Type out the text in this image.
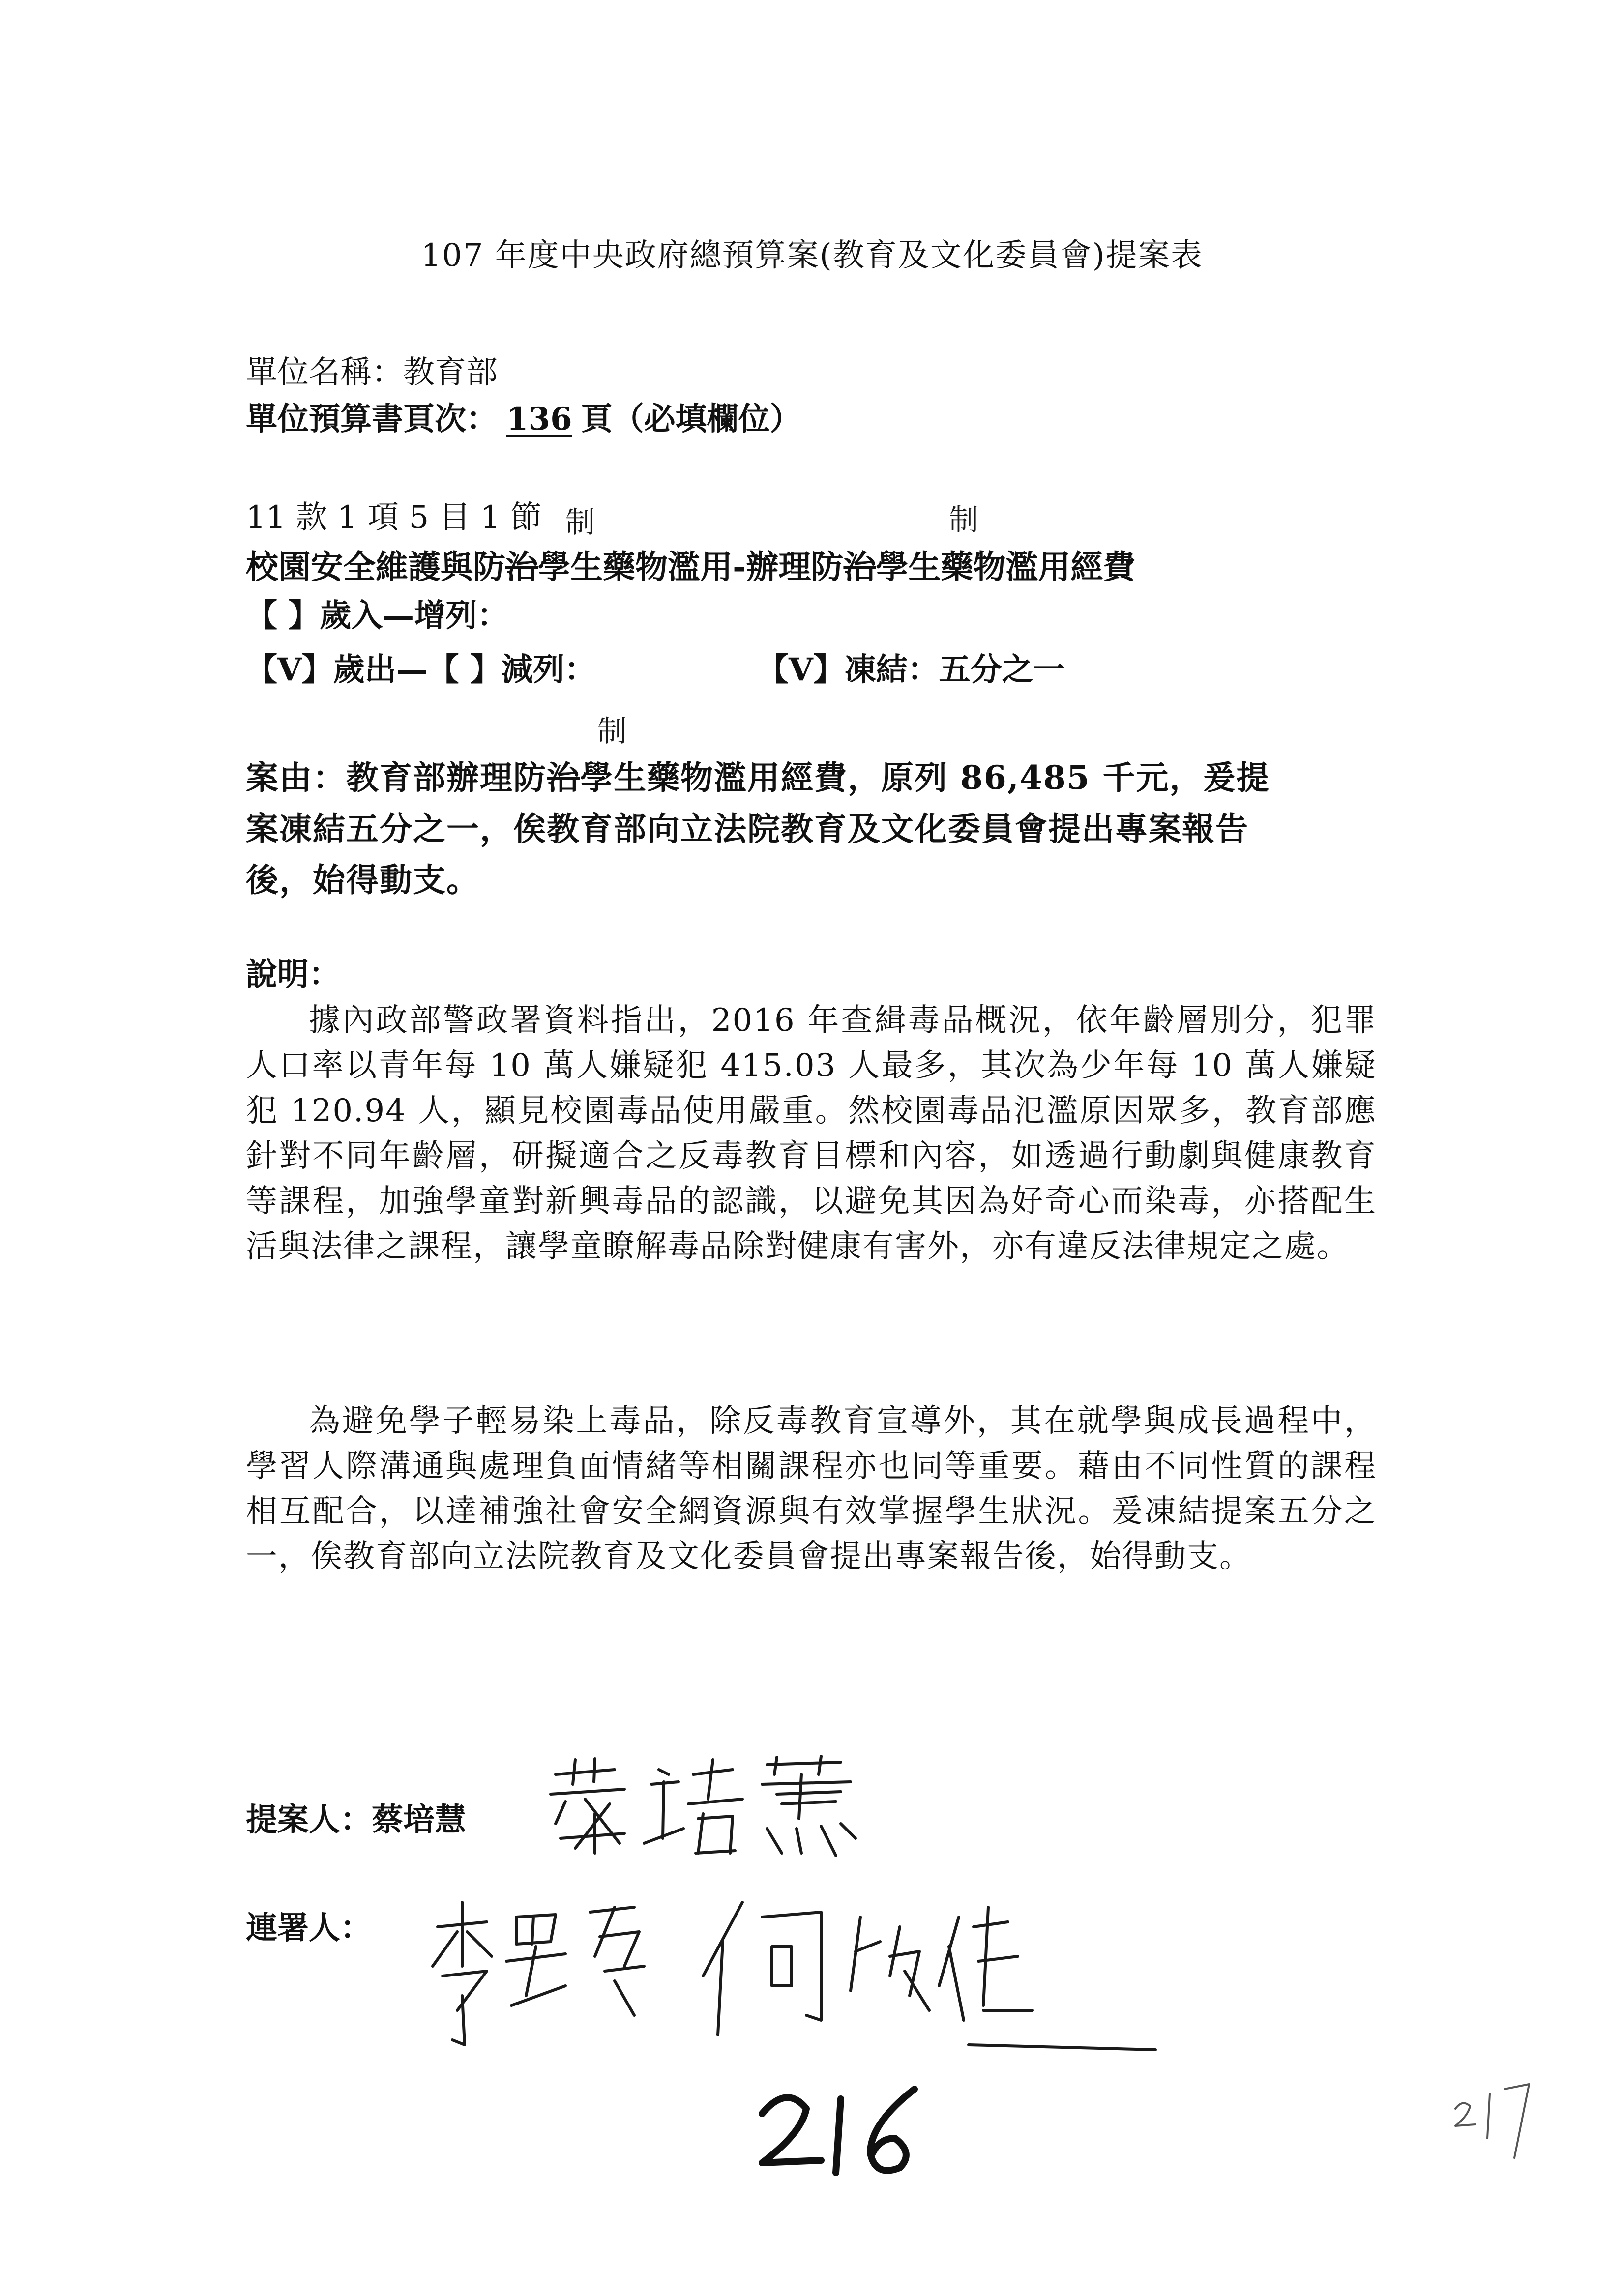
107 年度中央政府總預算案(教育及文化委員會)提案表
單位名稱：教育部
單位預算書頁次： 136 頁（必填欄位）
11 款 1 項 5 目 1 節 制	制
校園安全維護與防治學生藥物濫用-辦理防治學生藥物濫用經費
【 】歲入—增列：
【V】歲出—【 】減列：	【V】凍結：五分之一
制
案由：教育部辦理防治學生藥物濫用經費，原列 86,485 千元，爰提
案凍結五分之一，俟教育部向立法院教育及文化委員會提出專案報告
後，始得動支。
說明：
據內政部警政署資料指出，2016 年查緝毒品概況，依年齡層別分，犯罪人口率以青年每 10 萬人嫌疑犯 415.03 人最多，其次為少年每 10 萬人嫌疑犯 120.94 人，顯見校園毒品使用嚴重。然校園毒品氾濫原因眾多，教育部應針對不同年齡層，研擬適合之反毒教育目標和內容，如透過行動劇與健康教育等課程，加強學童對新興毒品的認識，以避免其因為好奇心而染毒，亦搭配生活與法律之課程，讓學童瞭解毒品除對健康有害外，亦有違反法律規定之處。
為避免學子輕易染上毒品，除反毒教育宣導外，其在就學與成長過程中，學習人際溝通與處理負面情緒等相關課程亦也同等重要。藉由不同性質的課程相互配合，以達補強社會安全網資源與有效掌握學生狀況。爰凍結提案五分之一，俟教育部向立法院教育及文化委員會提出專案報告後，始得動支。
提案人：蔡培慧
連署人：
